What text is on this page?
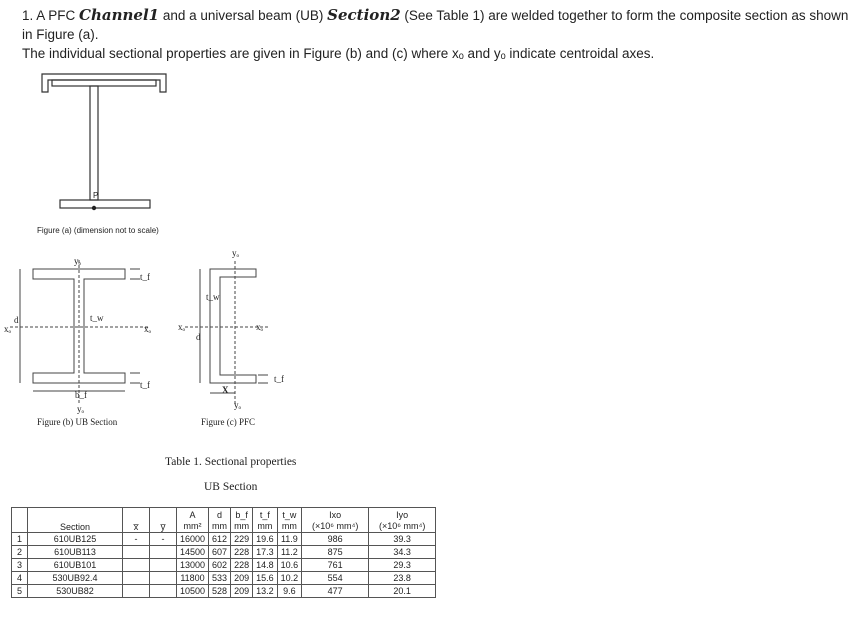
1. A PFC Channel1 and a universal beam (UB) Section2 (See Table 1) are welded together to form the composite section as shown in Figure (a).
The individual sectional properties are given in Figure (b) and (c) where xₒ and yₒ indicate centroidal axes.
P
Figure (a) (dimension not to scale)
yₒ
t_f
d	t_w
xₒ	xₒ
t_f
b_f
yₒ
Figure (b) UB Section
yₒ
t_w
xₒ	xₒ
d
t_f
X
yₒ
Figure (c) PFC
Table 1. Sectional properties
UB Section
	Section	x̅	y̅	A	d	b_f	t_f	t_w	Ixo	Iyo
				mm²	mm	mm	mm	mm	(×10⁶ mm⁴)	(×10⁶ mm⁴)
1	610UB125	-	-	16000	612	229	19.6	11.9	986	39.3
2	610UB113			14500	607	228	17.3	11.2	875	34.3
3	610UB101			13000	602	228	14.8	10.6	761	29.3
4	530UB92.4			11800	533	209	15.6	10.2	554	23.8
5	530UB82			10500	528	209	13.2	9.6	477	20.1
